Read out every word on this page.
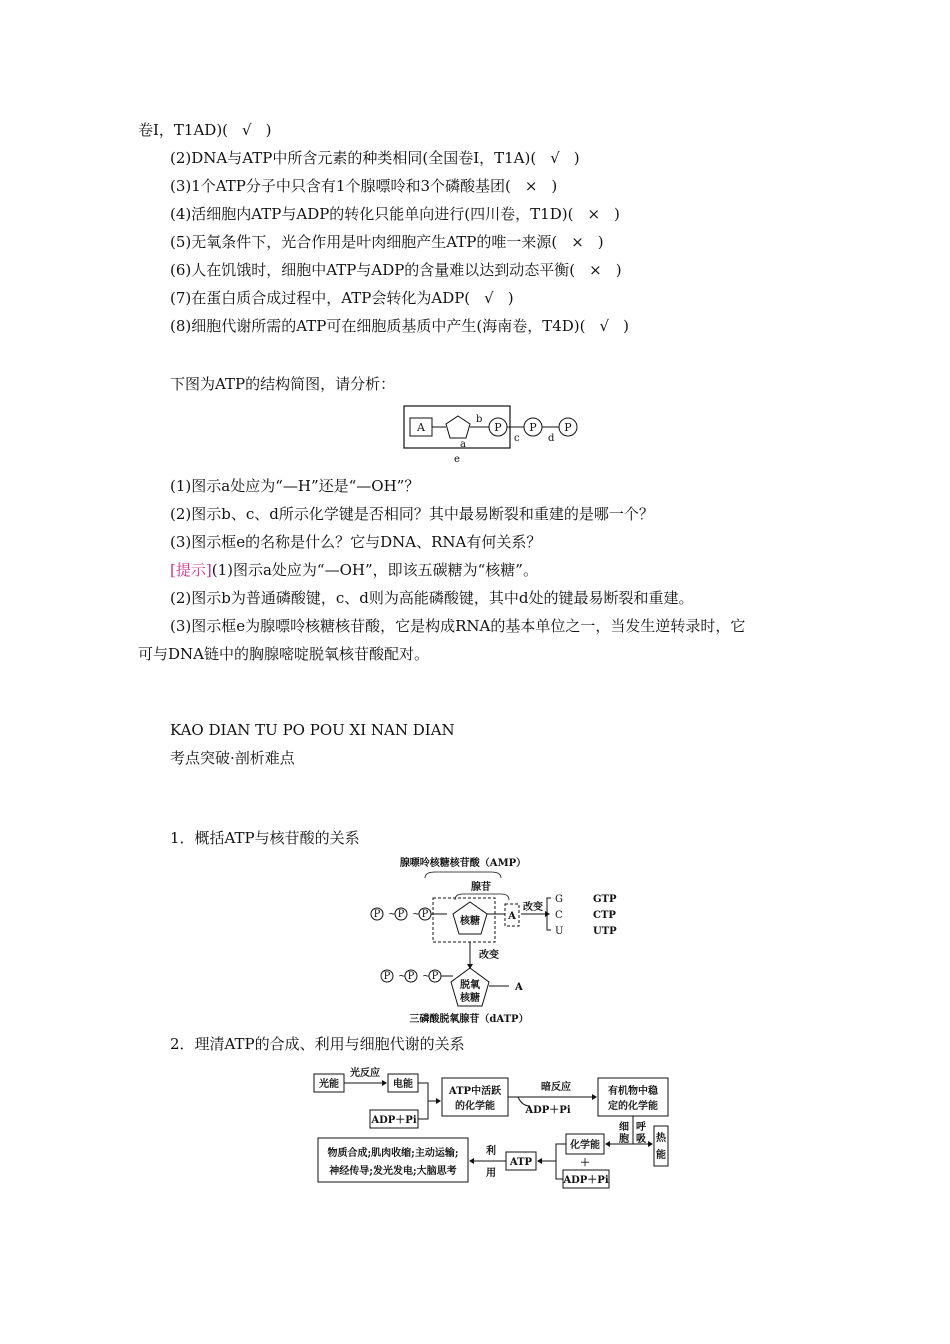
卷Ⅰ，T1AD)( √ )
(2)DNA与ATP中所含元素的种类相同(全国卷Ⅰ，T1A)( √ )
(3)1个ATP分子中只含有1个腺嘌呤和3个磷酸基团( × )
(4)活细胞内ATP与ADP的转化只能单向进行(四川卷，T1D)( × )
(5)无氧条件下，光合作用是叶肉细胞产生ATP的唯一来源( × )
(6)人在饥饿时，细胞中ATP与ADP的含量难以达到动态平衡( × )
(7)在蛋白质合成过程中，ATP会转化为ADP( √ )
(8)细胞代谢所需的ATP可在细胞质基质中产生(海南卷，T4D)( √ )
下图为ATP的结构简图，请分析：
A
a
b
P
c
P
d
P
e
(1)图示a处应为“—H”还是“—OH”？
(2)图示b、c、d所示化学键是否相同？其中最易断裂和重建的是哪一个？
(3)图示框e的名称是什么？它与DNA、RNA有何关系？
[提示](1)图示a处应为“—OH”，即该五碳糖为“核糖”。
(2)图示b为普通磷酸键，c、d则为高能磷酸键，其中d处的键最易断裂和重建。
(3)图示框e为腺嘌呤核糖核苷酸，它是构成RNA的基本单位之一，当发生逆转录时，它
可与DNA链中的胸腺嘧啶脱氧核苷酸配对。
KAO DIAN TU PO POU XI NAN DIAN
考点突破·剖析难点
1．概括ATP与核苷酸的关系
腺嘌呤核糖核苷酸（AMP）
腺苷
P ~ P ~ P
核糖	A
改变
G
C
U
GTP
CTP
UTP
改变
P ~ P ~ P
脱氧
核糖
A
三磷酸脱氧腺苷（dATP）
2．理清ATP的合成、利用与细胞代谢的关系
光能
光反应
电能
ADP＋Pi
ATP中活跃
的化学能
暗反应
ADP＋Pi
有机物中稳
定的化学能
细
胞
呼
吸 热
能
化学能
＋
ADP＋Pi
ATP
利
用
物质合成;肌肉收缩;主动运输;
神经传导;发光发电;大脑思考
